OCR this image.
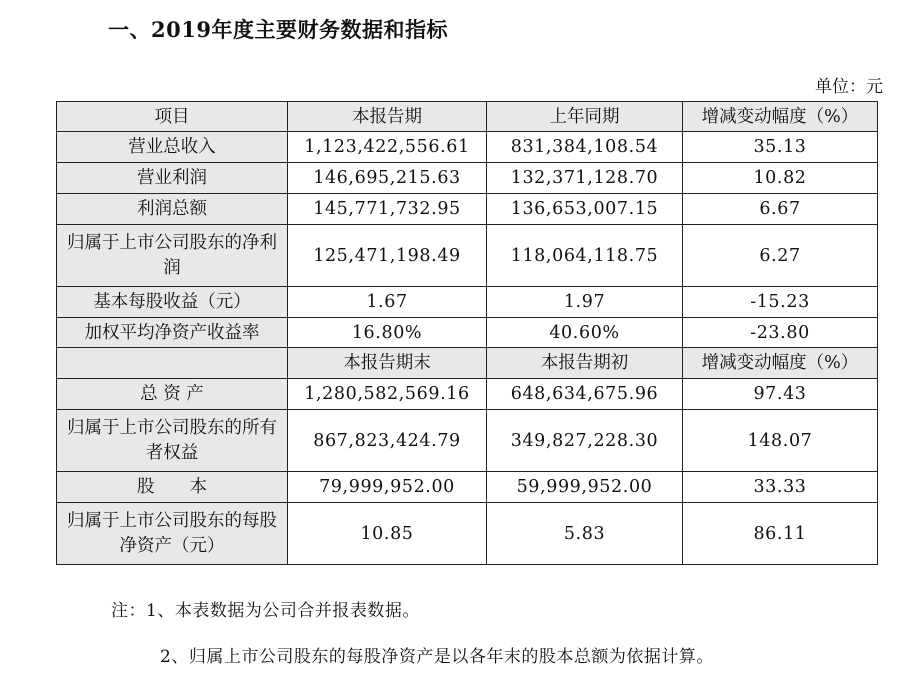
一、2019年度主要财务数据和指标
单位：元
项目	本报告期	上年同期	增减变动幅度（%）
营业总收入	1,123,422,556.61	831,384,108.54	35.13
营业利润	146,695,215.63	132,371,128.70	10.82
利润总额	145,771,732.95	136,653,007.15	6.67
归属于上市公司股东的净利润	125,471,198.49	118,064,118.75	6.27
基本每股收益（元）	1.67	1.97	-15.23
加权平均净资产收益率	16.80%	40.60%	-23.80
	本报告期末	本报告期初	增减变动幅度（%）
总 资 产	1,280,582,569.16	648,634,675.96	97.43
归属于上市公司股东的所有者权益	867,823,424.79	349,827,228.30	148.07
股　　本	79,999,952.00	59,999,952.00	33.33
归属于上市公司股东的每股净资产（元）	10.85	5.83	86.11
注：1、本表数据为公司合并报表数据。
2、归属上市公司股东的每股净资产是以各年末的股本总额为依据计算。
